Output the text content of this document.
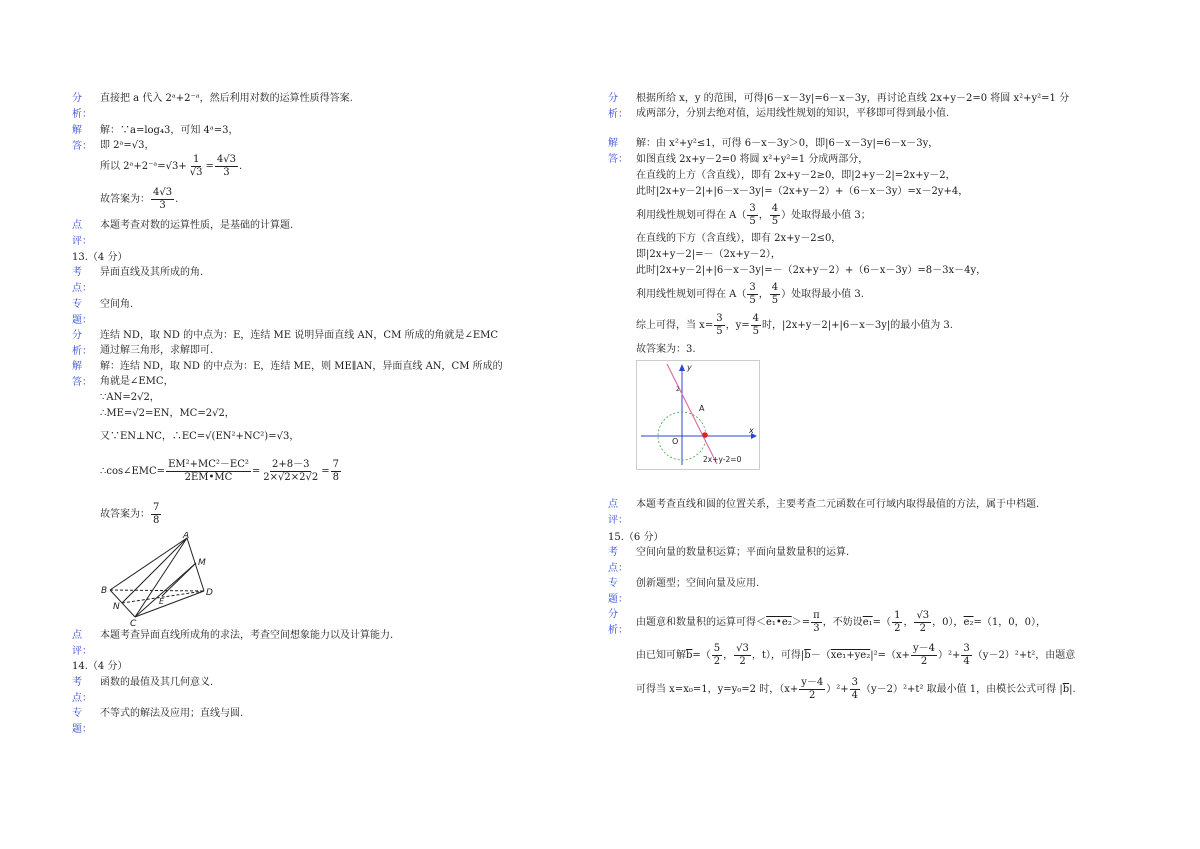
分
析：
直接把 a 代入 2ᵃ+2⁻ᵃ，然后利用对数的运算性质得答案.
解
答：
解：∵a=log₄3，可知 4ᵃ=3，
即 2ᵃ=√3，
所以 2ᵃ+2⁻ᵃ=√3+ $\frac{1}{√3} = \frac{4√3}{3}$ .
故答案为： $\frac{4√3}{3}$ .
点
评：
本题考查对数的运算性质，是基础的计算题.
13.（4 分）
考
点：
异面直线及其所成的角.
专
题：
空间角.
分
析：
连结 ND，取 ND 的中点为：E，连结 ME 说明异面直线 AN，CM 所成的角就是∠EMC
通过解三角形，求解即可.
解
答：
解：连结 ND，取 ND 的中点为：E，连结 ME，则 ME∥AN，异面直线 AN，CM 所成的
角就是∠EMC，
∵AN=2√2，
∴ME=√2=EN，MC=2√2，
又∵EN⊥NC，∴EC=√(EN²+NC²)=√3，
∴cos∠EMC= $\frac{\text{EM²+MC²－EC²}}{2EM•MC} = \frac{2+8-3}{2\times√2\times 2√2} = \frac{7}{8}$
故答案为： $\frac{7}{8}$
A
M
B	D
N
E
C
点
评：
本题考查异面直线所成角的求法，考查空间想象能力以及计算能力.
14.（4 分）
考
点：
函数的最值及其几何意义.
专
题：
不等式的解法及应用；直线与圆.
分
析：
根据所给 x，y 的范围，可得|6－x－3y|=6－x－3y，再讨论直线 2x+y－2=0 将圆 x²+y²=1 分
成两部分，分别去绝对值，运用线性规划的知识，平移即可得到最小值.
解
答：
解：由 x²+y²≤1，可得 6－x－3y＞0，即|6－x－3y|=6－x－3y，
如图直线 2x+y－2=0 将圆 x²+y²=1 分成两部分，
在直线的上方（含直线），即有 2x+y－2≥0，即|2+y－2|=2x+y－2，
此时|2x+y－2|+|6－x－3y|=（2x+y－2）+（6－x－3y）=x－2y+4，
利用线性规划可得在 $A( \frac{3}{5}$ ， $\frac{4}{5}$ ）处取得最小值 3；
在直线的下方（含直线），即有 2x+y－2≤0，
即|2x+y－2|=－（2x+y－2），
此时|2x+y－2|+|6－x－3y|=－（2x+y－2）+（6－x－3y）=8－3x－4y，
利用线性规划可得在 $A( \frac{3}{5}$ ， $\frac{4}{5}$ ）处取得最小值 3.
综上可得，当 $x= \frac{3}{5}$ ，$y= \frac{4}{5}$ 时，|2x+y－2|+|6－x－3y|的最小值为 3.
故答案为：3.
y
x
2
A
O
2x+y-2=0
点
评：
本题考查直线和圆的位置关系，主要考查二元函数在可行域内取得最值的方法，属于中档题.
15.（6 分）
考
点：
空间向量的数量积运算；平面向量数量积的运算.
专
题：
创新题型；空间向量及应用.
分
析：
由题意和数量积的运算可得＜e₁•e₂＞= $\frac{\pi}{3}$ ，不妨设$e_1=( \frac{1}{2}$ ， $\frac{√3}{2}$ ，0），e₂=（1，0，0），
由已知可解$\overline{b}=( \frac{5}{2}$ ， $\frac{√3}{2}$ ，t），可得$|\overline{b}-(xe_1+ye_2|^2=(x+ \frac{y-4}{2} )^2+ \frac{3}{4} (y-2)^2+t^2$，由题意
可得当 x=x₀=1，y=y₀=2 时，$(x+ \frac{y-4}{2} )^2+ \frac{3}{4} (y-2)^2+t^2$ 取最小值 1，由模长公式可得 $|\overline{b}|$.
